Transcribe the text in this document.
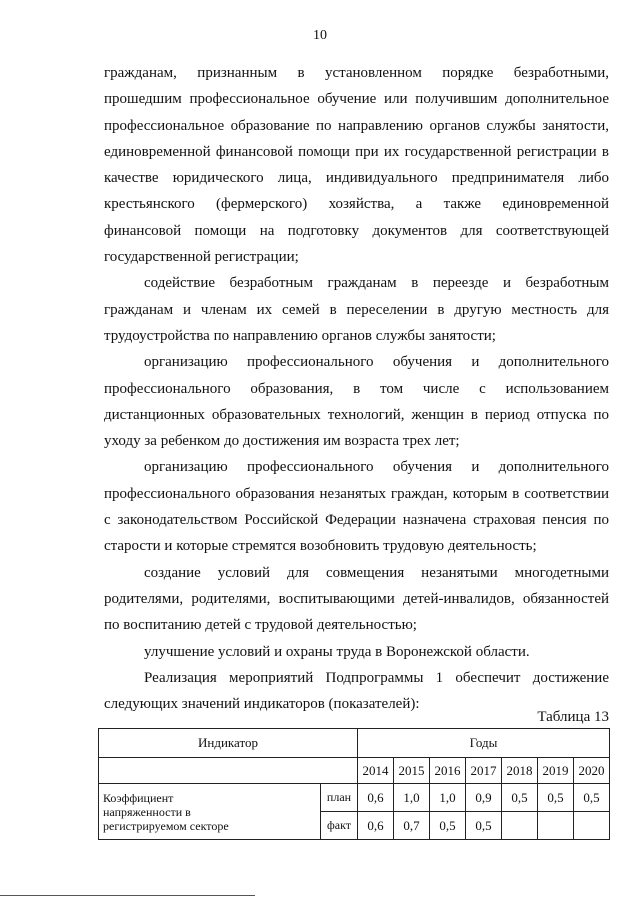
10
гражданам, признанным в установленном порядке безработными,
прошедшим профессиональное обучение или получившим дополнительное
профессиональное образование по направлению органов службы занятости,
единовременной финансовой помощи при их государственной регистрации в
качестве юридического лица, индивидуального предпринимателя либо
крестьянского (фермерского) хозяйства, а также единовременной
финансовой помощи на подготовку документов для соответствующей
государственной регистрации;
содействие безработным гражданам в переезде и безработным
гражданам и членам их семей в переселении в другую местность для
трудоустройства по направлению органов службы занятости;
организацию профессионального обучения и дополнительного
профессионального образования, в том числе с использованием
дистанционных образовательных технологий, женщин в период отпуска по
уходу за ребенком до достижения им возраста трех лет;
организацию профессионального обучения и дополнительного
профессионального образования незанятых граждан, которым в соответствии
с законодательством Российской Федерации назначена страховая пенсия по
старости и которые стремятся возобновить трудовую деятельность;
создание условий для совмещения незанятыми многодетными
родителями, родителями, воспитывающими детей-инвалидов, обязанностей
по воспитанию детей с трудовой деятельностью;
улучшение условий и охраны труда в Воронежской области.
Реализация мероприятий Подпрограммы 1 обеспечит достижение
следующих значений индикаторов (показателей):
Таблица 13
Индикатор		Годы						
		2014	2015	2016	2017	2018	2019	2020

Коэффициент
напряженности в
регистрируемом секторе	план	0,6	1,0	1,0	0,9	0,5	0,5	0,5
	факт	0,6	0,7	0,5	0,5			
